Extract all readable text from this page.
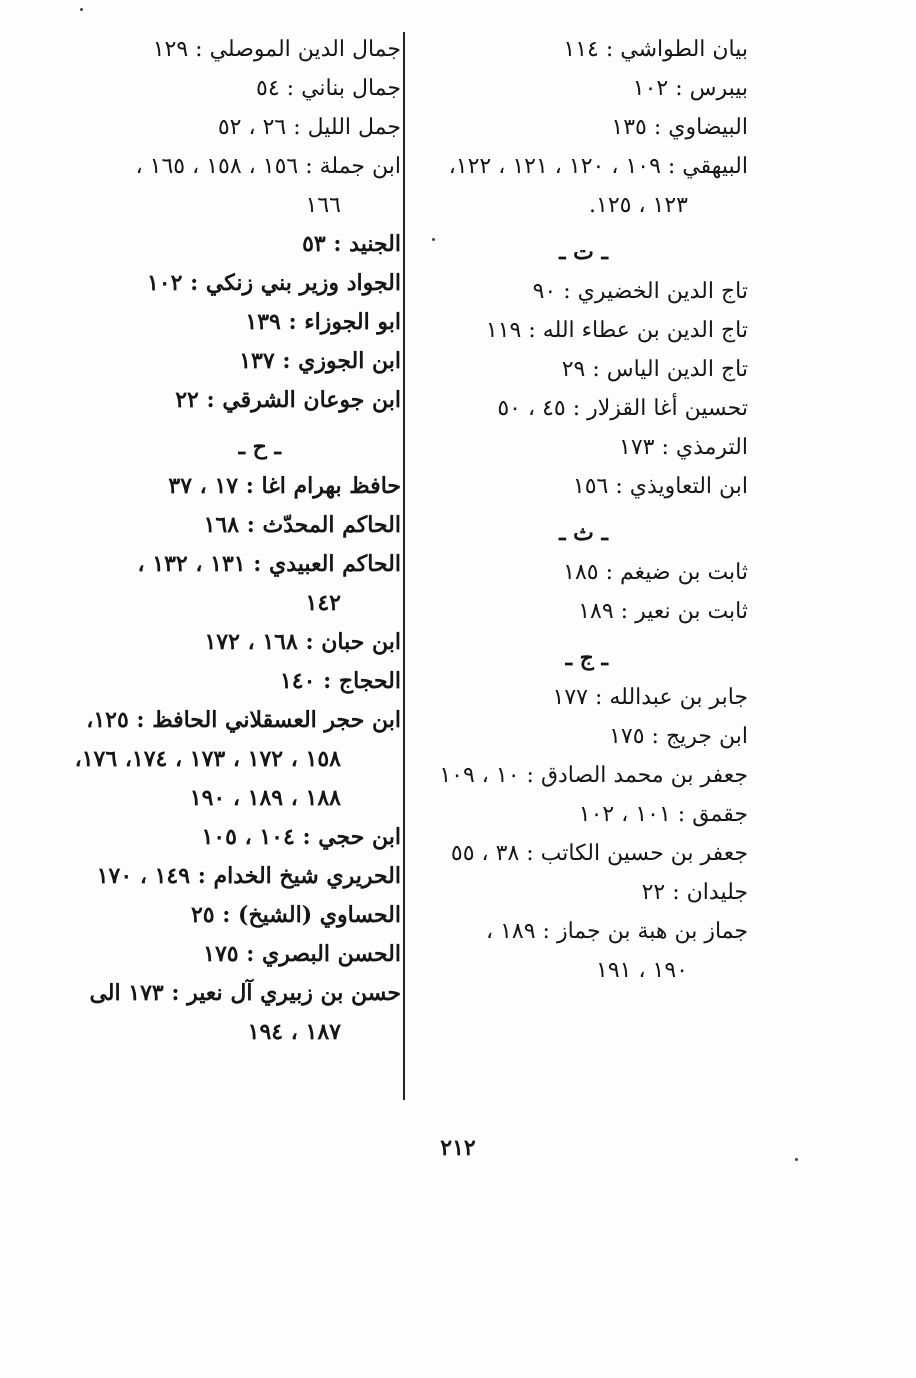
بيان الطواشي : ١١٤

بيبرس : ١٠٢

البيضاوي : ١٣٥

البيهقي : ١٠٩ ، ١٢٠ ، ١٢١ ، ١٢٢،

١٢٣ ، ١٢٥.

ـ ت ـ

تاج الدين الخضيري : ٩٠

تاج الدين بن عطاء الله : ١١٩

تاج الدين الياس : ٢٩

تحسين أغا القزلار : ٤٥ ، ٥٠

الترمذي : ١٧٣

ابن التعاويذي : ١٥٦

ـ ث ـ

ثابت بن ضيغم : ١٨٥

ثابت بن نعير : ١٨٩

ـ ج ـ

جابر بن عبدالله : ١٧٧

ابن جريج : ١٧٥

جعفر بن محمد الصادق : ١٠ ، ١٠٩

جقمق : ١٠١ ، ١٠٢

جعفر بن حسين الكاتب : ٣٨ ، ٥٥

جليدان : ٢٢

جماز بن هبة بن جماز : ١٨٩ ،

١٩٠ ، ١٩١

جمال الدين الموصلي : ١٢٩

جمال بناني : ٥٤

جمل الليل : ٢٦ ، ٥٢

ابن جملة : ١٥٦ ، ١٥٨ ، ١٦٥ ،

١٦٦

الجنيد : ٥٣

الجواد وزير بني زنكي : ١٠٢

ابو الجوزاء : ١٣٩

ابن الجوزي : ١٣٧

ابن جوعان الشرقي : ٢٢

ـ ح ـ

حافظ بهرام اغا : ١٧ ، ٣٧

الحاكم المحدّث : ١٦٨

الحاكم العبيدي : ١٣١ ، ١٣٢ ،

١٤٢

ابن حبان : ١٦٨ ، ١٧٢

الحجاج : ١٤٠

ابن حجر العسقلاني الحافظ : ١٢٥،

١٥٨ ، ١٧٢ ، ١٧٣ ، ١٧٤، ١٧٦،

١٨٨ ، ١٨٩ ، ١٩٠

ابن حجي : ١٠٤ ، ١٠٥

الحريري شيخ الخدام : ١٤٩ ، ١٧٠

الحساوي (الشيخ) : ٢٥

الحسن البصري : ١٧٥

حسن بن زبيري آل نعير : ١٧٣ الى

١٨٧ ، ١٩٤

٢١٢
